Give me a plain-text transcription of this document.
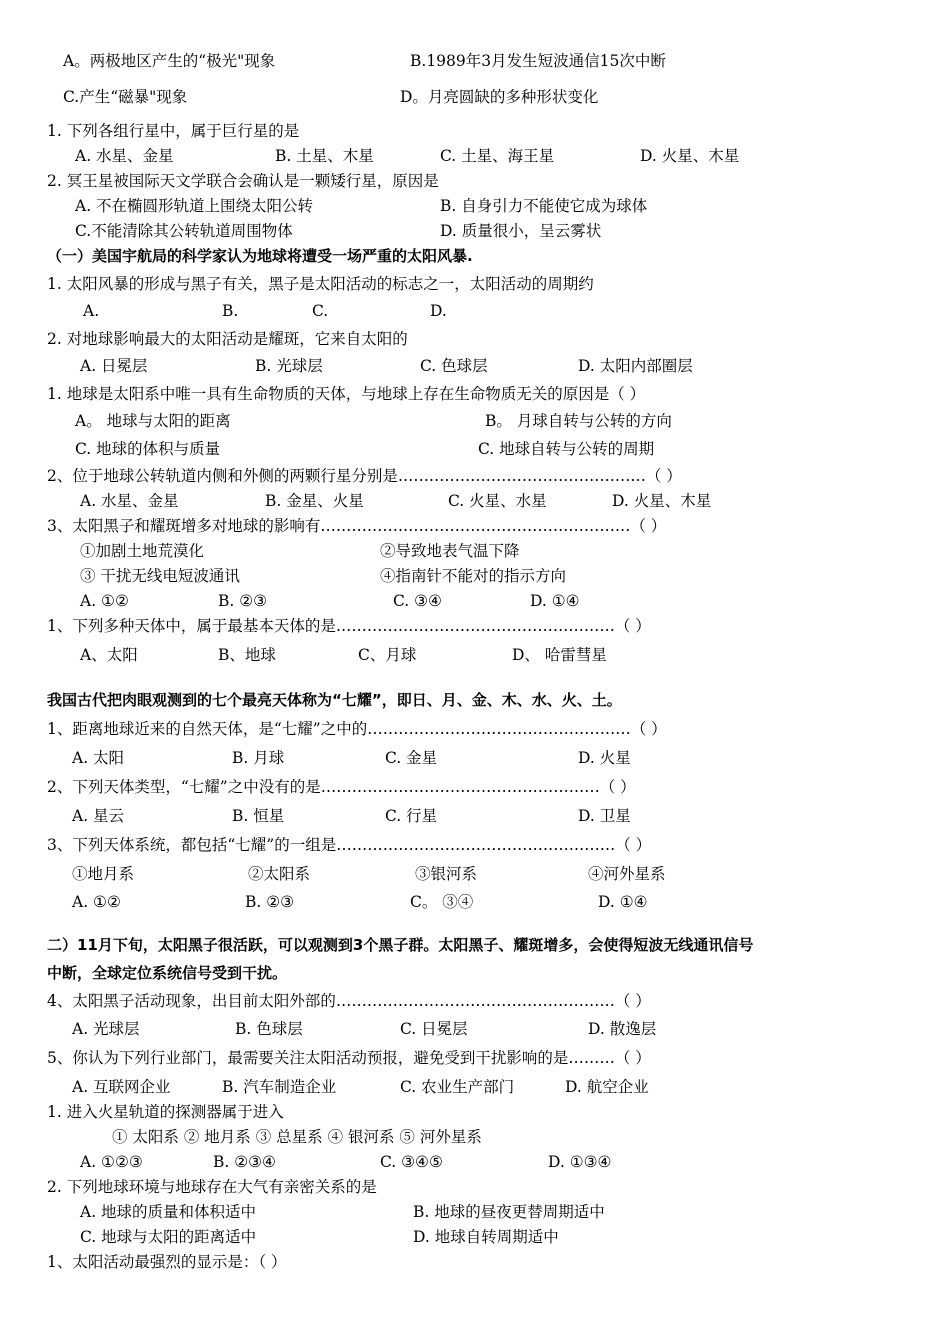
A。两极地区产生的“极光"现象	B.1989年3月发生短波通信15次中断
C.产生“磁暴"现象	D。月亮圆缺的多种形状变化
1. 下列各组行星中，属于巨行星的是
A. 水星、金星	B. 土星、木星	C. 土星、海王星	D. 火星、木星
2. 冥王星被国际天文学联合会确认是一颗矮行星，原因是
A. 不在椭圆形轨道上围绕太阳公转	B. 自身引力不能使它成为球体
C.不能清除其公转轨道周围物体	D. 质量很小，呈云雾状
（一）美国宇航局的科学家认为地球将遭受一场严重的太阳风暴.
1. 太阳风暴的形成与黑子有关，黑子是太阳活动的标志之一，太阳活动的周期约
A.	B.	C.	D.
2. 对地球影响最大的太阳活动是耀斑，它来自太阳的
A. 日冕层	B. 光球层	C. 色球层	D. 太阳内部圈层
1. 地球是太阳系中唯一具有生命物质的天体，与地球上存在生命物质无关的原因是（ ）
A。 地球与太阳的距离	B。 月球自转与公转的方向
C. 地球的体积与质量	C. 地球自转与公转的周期
2、位于地球公转轨道内侧和外侧的两颗行星分别是…………………………………………（ ）
A. 水星、金星	B. 金星、火星	C. 火星、水星	D. 火星、木星
3、太阳黑子和耀斑增多对地球的影响有……………………………………………………（ ）
①加剧土地荒漠化	②导致地表气温下降
③ 干扰无线电短波通讯	④指南针不能对的指示方向
A. ①②	B. ②③	C. ③④	D. ①④
1、下列多种天体中，属于最基本天体的是………………………………………………（ ）
A、太阳	B、地球	C、月球	D、 哈雷彗星
我国古代把肉眼观测到的七个最亮天体称为“七耀”，即日、月、金、木、水、火、土。
1、距离地球近来的自然天体，是“七耀”之中的……………………………………………（ ）
A. 太阳	B. 月球	C. 金星	D. 火星
2、下列天体类型，“七耀”之中没有的是………………………………………………（ ）
A. 星云	B. 恒星	C. 行星	D. 卫星
3、下列天体系统，都包括“七耀”的一组是………………………………………………（ ）
①地月系	②太阳系	③银河系	④河外星系
A. ①②	B. ②③	C。 ③④	D. ①④
二）11月下旬，太阳黑子很活跃，可以观测到3个黑子群。太阳黑子、耀斑增多，会使得短波无线通讯信号
中断，全球定位系统信号受到干扰。
4、太阳黑子活动现象，出目前太阳外部的………………………………………………（ ）
A. 光球层	B. 色球层	C. 日冕层	D. 散逸层
5、你认为下列行业部门，最需要关注太阳活动预报，避免受到干扰影响的是………（ ）
A. 互联网企业	B. 汽车制造企业	C. 农业生产部门	D. 航空企业
1. 进入火星轨道的探测器属于进入
① 太阳系 ② 地月系 ③ 总星系 ④ 银河系 ⑤ 河外星系
A. ①②③	B. ②③④	C. ③④⑤	D. ①③④
2. 下列地球环境与地球存在大气有亲密关系的是
A. 地球的质量和体积适中	B. 地球的昼夜更替周期适中
C. 地球与太阳的距离适中	D. 地球自转周期适中
1、太阳活动最强烈的显示是：（ ）
